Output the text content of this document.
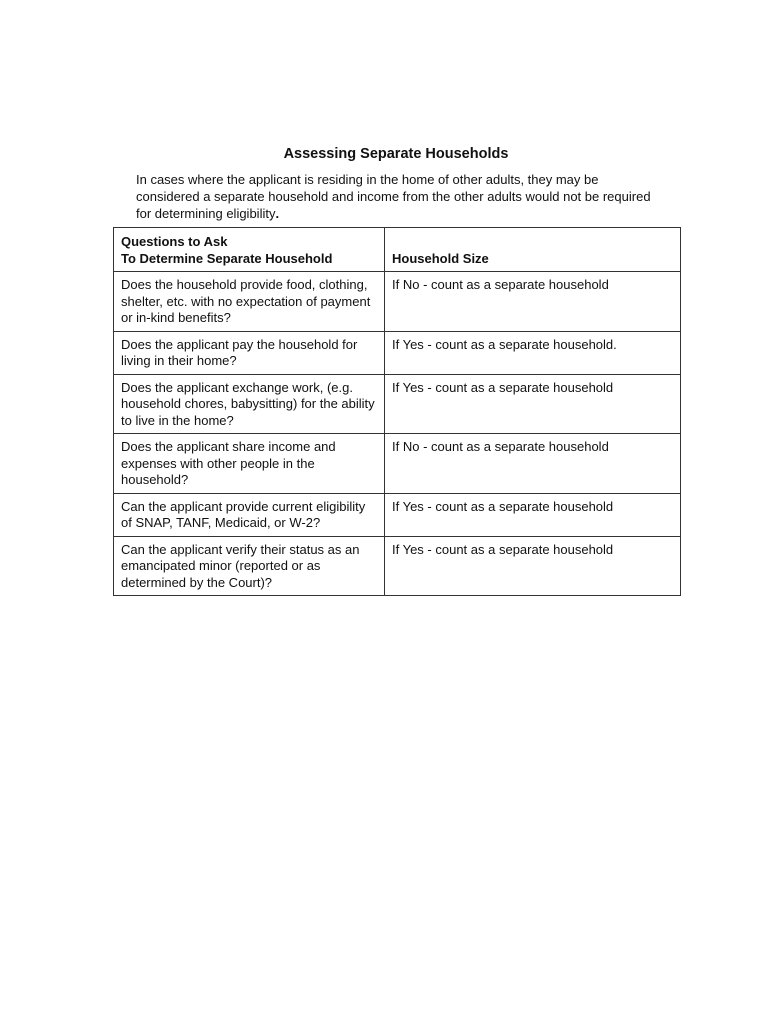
Assessing Separate Households

In cases where the applicant is residing in the home of other adults, they may be considered a separate household and income from the other adults would not be required for determining eligibility.

Questions to Ask
To Determine Separate Household	Household Size
Does the household provide food, clothing, shelter, etc. with no expectation of payment or in-kind benefits?	If No - count as a separate household
Does the applicant pay the household for living in their home?	If Yes - count as a separate household.
Does the applicant exchange work, (e.g. household chores, babysitting) for the ability to live in the home?	If Yes - count as a separate household
Does the applicant share income and expenses with other people in the household?	If No - count as a separate household
Can the applicant provide current eligibility of SNAP, TANF, Medicaid, or W-2?	If Yes - count as a separate household
Can the applicant verify their status as an emancipated minor (reported or as determined by the Court)?	If Yes - count as a separate household
